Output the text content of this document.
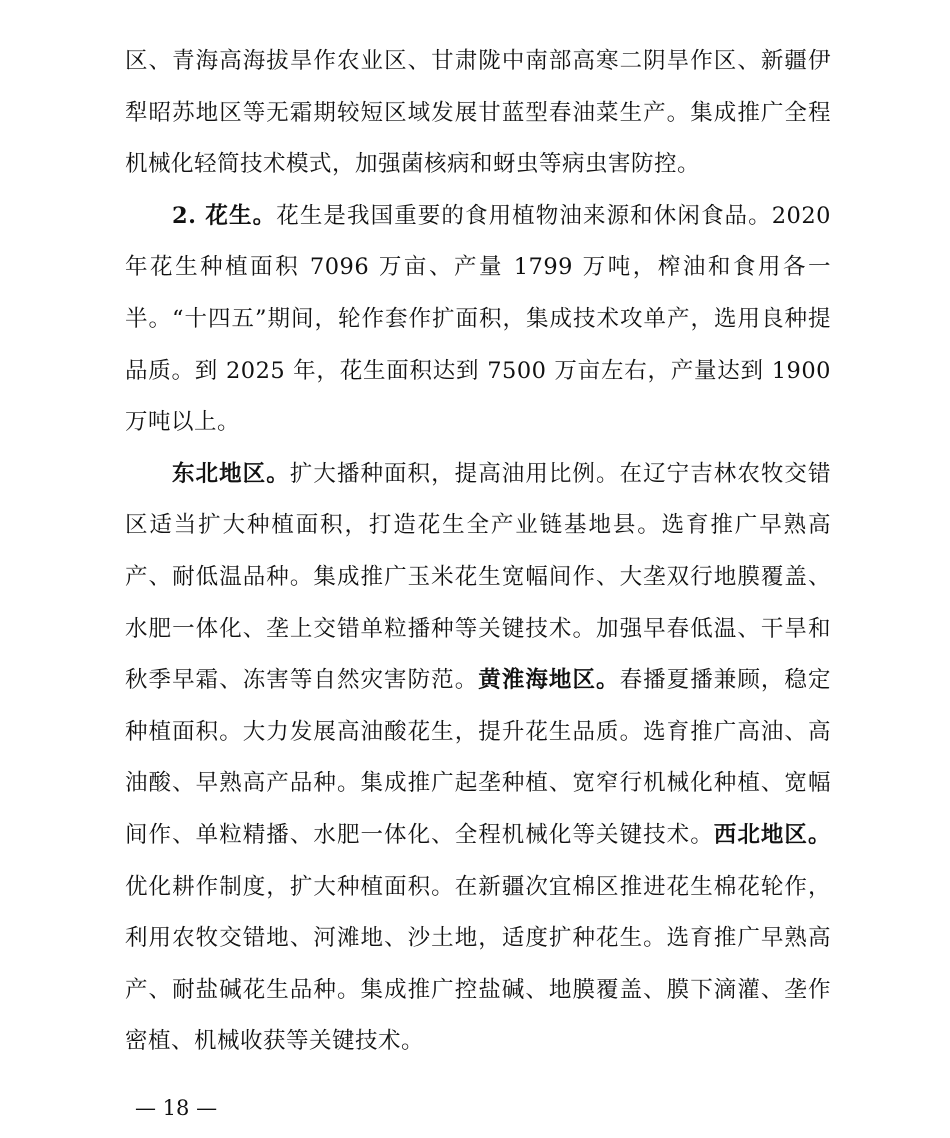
区、青海高海拔旱作农业区、甘肃陇中南部高寒二阴旱作区、新疆伊犁昭苏地区等无霜期较短区域发展甘蓝型春油菜生产。集成推广全程机械化轻简技术模式，加强菌核病和蚜虫等病虫害防控。

2. 花生。花生是我国重要的食用植物油来源和休闲食品。2020 年花生种植面积 7096 万亩、产量 1799 万吨，榨油和食用各一半。“十四五”期间，轮作套作扩面积，集成技术攻单产，选用良种提品质。到 2025 年，花生面积达到 7500 万亩左右，产量达到 1900 万吨以上。

东北地区。扩大播种面积，提高油用比例。在辽宁吉林农牧交错区适当扩大种植面积，打造花生全产业链基地县。选育推广早熟高产、耐低温品种。集成推广玉米花生宽幅间作、大垄双行地膜覆盖、水肥一体化、垄上交错单粒播种等关键技术。加强早春低温、干旱和秋季早霜、冻害等自然灾害防范。黄淮海地区。春播夏播兼顾，稳定种植面积。大力发展高油酸花生，提升花生品质。选育推广高油、高油酸、早熟高产品种。集成推广起垄种植、宽窄行机械化种植、宽幅间作、单粒精播、水肥一体化、全程机械化等关键技术。西北地区。优化耕作制度，扩大种植面积。在新疆次宜棉区推进花生棉花轮作，利用农牧交错地、河滩地、沙土地，适度扩种花生。选育推广早熟高产、耐盐碱花生品种。集成推广控盐碱、地膜覆盖、膜下滴灌、垄作密植、机械收获等关键技术。

— 18 —
